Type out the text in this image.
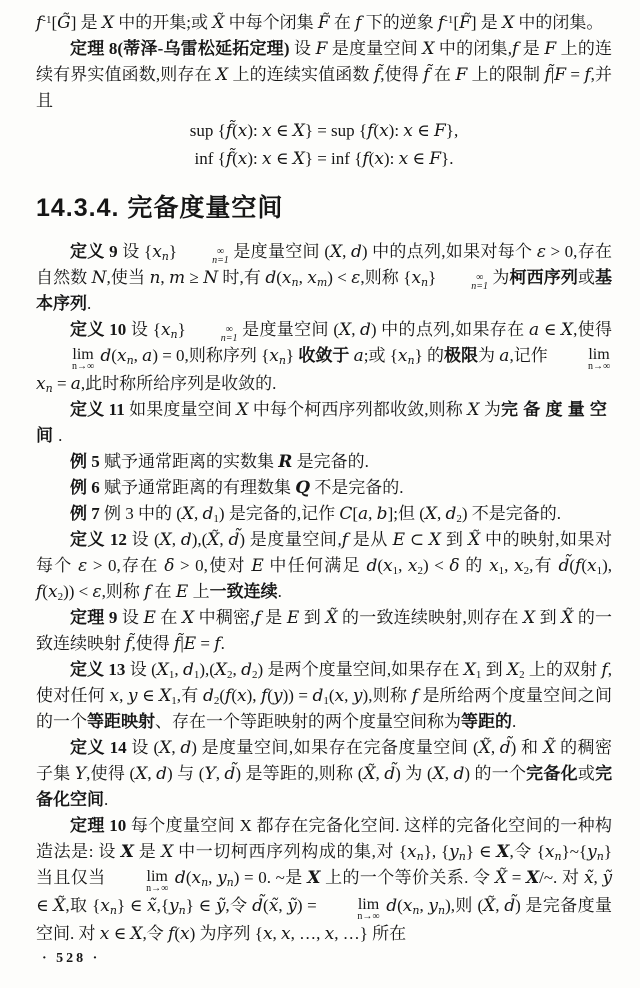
$f^{-1}[G̃]$ 是 X 中的开集;或 X̃ 中每个闭集 F̃ 在 f 下的逆象 $f^{-1}[F̃]$ 是 X 中的闭集。

定理 8(蒂泽-乌雷松延拓定理) 设 F 是度量空间 X 中的闭集,f 是 F 上的连续有界实值函数,则存在 X 上的连续实值函数 f̃,使得 f̃ 在 F 上的限制 f̃|F = f,并且

sup {f̃(x): x ∈ X} = sup {f(x): x ∈ F},
inf {f̃(x): x ∈ X} = inf {f(x): x ∈ F}.
14.3.4. 完备度量空间

定义 9 设 $\{x_n\}$	∞
n=1 是度量空间 (X, d) 中的点列,如果对每个 ε > 0,存在自然数 N,使当 n, m ≥ N 时,有 $d(x_n$, $x_m) < \varepsilon$,则称 $\{x_n\}$	∞
n=1 为柯西序列或基本序列.

定义 10 设 $\{x_n\}$	∞
n=1 是度量空间 (X, d) 中的点列,如果存在 a ∈ X,使得
lim
n→∞
$d(x_n$, a) = 0,则称序列 $\{x_n\}$ 收敛于 a;或 $\{x_n\}$ 的极限为 a,记作	lim
n→∞
$x_n = a$,此时称所给序列是收敛的.

定义 11 如果度量空间 X 中每个柯西序列都收敛,则称 X 为完备度量空间.

例 5 赋予通常距离的实数集 R 是完备的.

例 6 赋予通常距离的有理数集 Q 不是完备的.

例 7 例 3 中的 (X, $d_1$) 是完备的,记作 C[a, b];但 (X, $d_2$) 不是完备的.

定义 12 设 (X, d),(X̃, d̃) 是度量空间,f 是从 E ⊂ X 到 X̃ 中的映射,如果对每个 ε > 0,存在 δ > 0,使对 E 中任何满足 $d(x_1$, $x_2) < \delta$ 的 $x_1$, $x_2$,有 $d̃(f(x_1)$, $f(x_2)) < \varepsilon$,则称 f 在 E 上一致连续.

定理 9 设 E 在 X 中稠密,f 是 E 到 X̃ 的一致连续映射,则存在 X 到 X̃ 的一致连续映射 f̃,使得 f̃|E = f.

定义 13 设 ($X_1$, $d_1),(X_2$, $d_2$) 是两个度量空间,如果存在 $X_1$ 到 $X_2$ 上的双射 f,使对任何 x, y ∈ $X_1$,有 $d_2(f(x)$, $f(y)) = d_1(x$, y),则称 f 是所给两个度量空间之间的一个等距映射、存在一个等距映射的两个度量空间称为等距的.

定义 14 设 (X, d) 是度量空间,如果存在完备度量空间 (X̃, d̃) 和 X̃ 的稠密子集 Y,使得 (X, d) 与 (Y, d̃) 是等距的,则称 (X̃, d̃) 为 (X, d) 的一个完备化或完备化空间.

定理 10 每个度量空间 X 都存在完备化空间. 这样的完备化空间的一种构造法是: 设 X 是 X 中一切柯西序列构成的集,对 $\{x_n\}$, $\{y_n\}$ ∈ X,令 $\{x_n\}\sim\{y_n\}$ 当且仅当	lim
n→∞
$d(x_n$, $y_n) = 0$. ~是 X 上的一个等价关系. 令 X̃ = X/~. 对 x̃, ỹ ∈ X̃,取 $\{x_n\}$ ∈ $x̃,\{y_n\}$ ∈ ỹ,令 d̃(x̃, ỹ) =	lim
n→∞
$d(x_n$, $y_n$),则 (X̃, d̃) 是完备度量空间. 对 x ∈ X,令 f(x) 为序列 {x, x, …, x, …} 所在

· 528 ·
